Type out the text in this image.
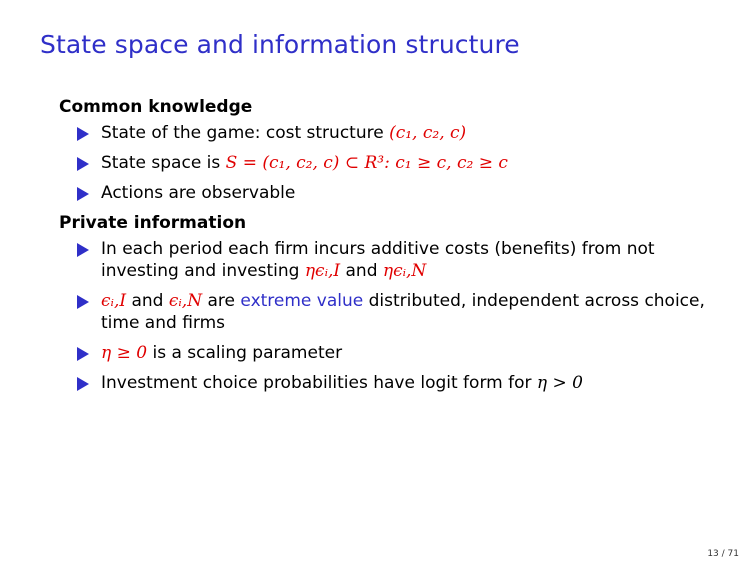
State space and information structure
Common knowledge
State of the game: cost structure (c₁, c₂, c)
State space is S = (c₁, c₂, c) ⊂ R³: c₁ ≥ c, c₂ ≥ c
Actions are observable
Private information
In each period each firm incurs additive costs (benefits) from not investing and investing ηϵᵢ,I and ηϵᵢ,N
ϵᵢ,I and ϵᵢ,N are extreme value distributed, independent across choice, time and firms
η ≥ 0 is a scaling parameter
Investment choice probabilities have logit form for η > 0
13 / 71
